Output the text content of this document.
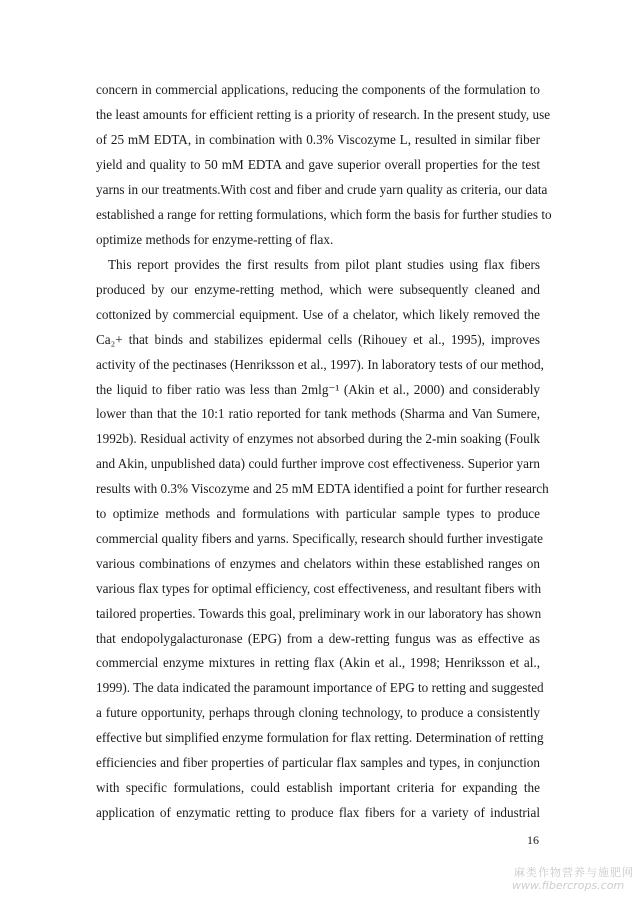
concern in commercial applications, reducing the components of the formulation to
the least amounts for efficient retting is a priority of research. In the present study, use
of 25 mM EDTA, in combination with 0.3% Viscozyme L, resulted in similar fiber
yield and quality to 50 mM EDTA and gave superior overall properties for the test
yarns in our treatments.With cost and fiber and crude yarn quality as criteria, our data
established a range for retting formulations, which form the basis for further studies to
optimize methods for enzyme-retting of flax.
This report provides the first results from pilot plant studies using flax fibers
produced by our enzyme-retting method, which were subsequently cleaned and
cottonized by commercial equipment. Use of a chelator, which likely removed the
Ca₂+ that binds and stabilizes epidermal cells (Rihouey et al., 1995), improves
activity of the pectinases (Henriksson et al., 1997). In laboratory tests of our method,
the liquid to fiber ratio was less than 2mlg⁻¹ (Akin et al., 2000) and considerably
lower than that the 10:1 ratio reported for tank methods (Sharma and Van Sumere,
1992b). Residual activity of enzymes not absorbed during the 2-min soaking (Foulk
and Akin, unpublished data) could further improve cost effectiveness. Superior yarn
results with 0.3% Viscozyme and 25 mM EDTA identified a point for further research
to optimize methods and formulations with particular sample types to produce
commercial quality fibers and yarns. Specifically, research should further investigate
various combinations of enzymes and chelators within these established ranges on
various flax types for optimal efficiency, cost effectiveness, and resultant fibers with
tailored properties. Towards this goal, preliminary work in our laboratory has shown
that endopolygalacturonase (EPG) from a dew-retting fungus was as effective as
commercial enzyme mixtures in retting flax (Akin et al., 1998; Henriksson et al.,
1999). The data indicated the paramount importance of EPG to retting and suggested
a future opportunity, perhaps through cloning technology, to produce a consistently
effective but simplified enzyme formulation for flax retting. Determination of retting
efficiencies and fiber properties of particular flax samples and types, in conjunction
with specific formulations, could establish important criteria for expanding the
application of enzymatic retting to produce flax fibers for a variety of industrial
16
麻类作物营养与施肥网
www.fibercrops.com
